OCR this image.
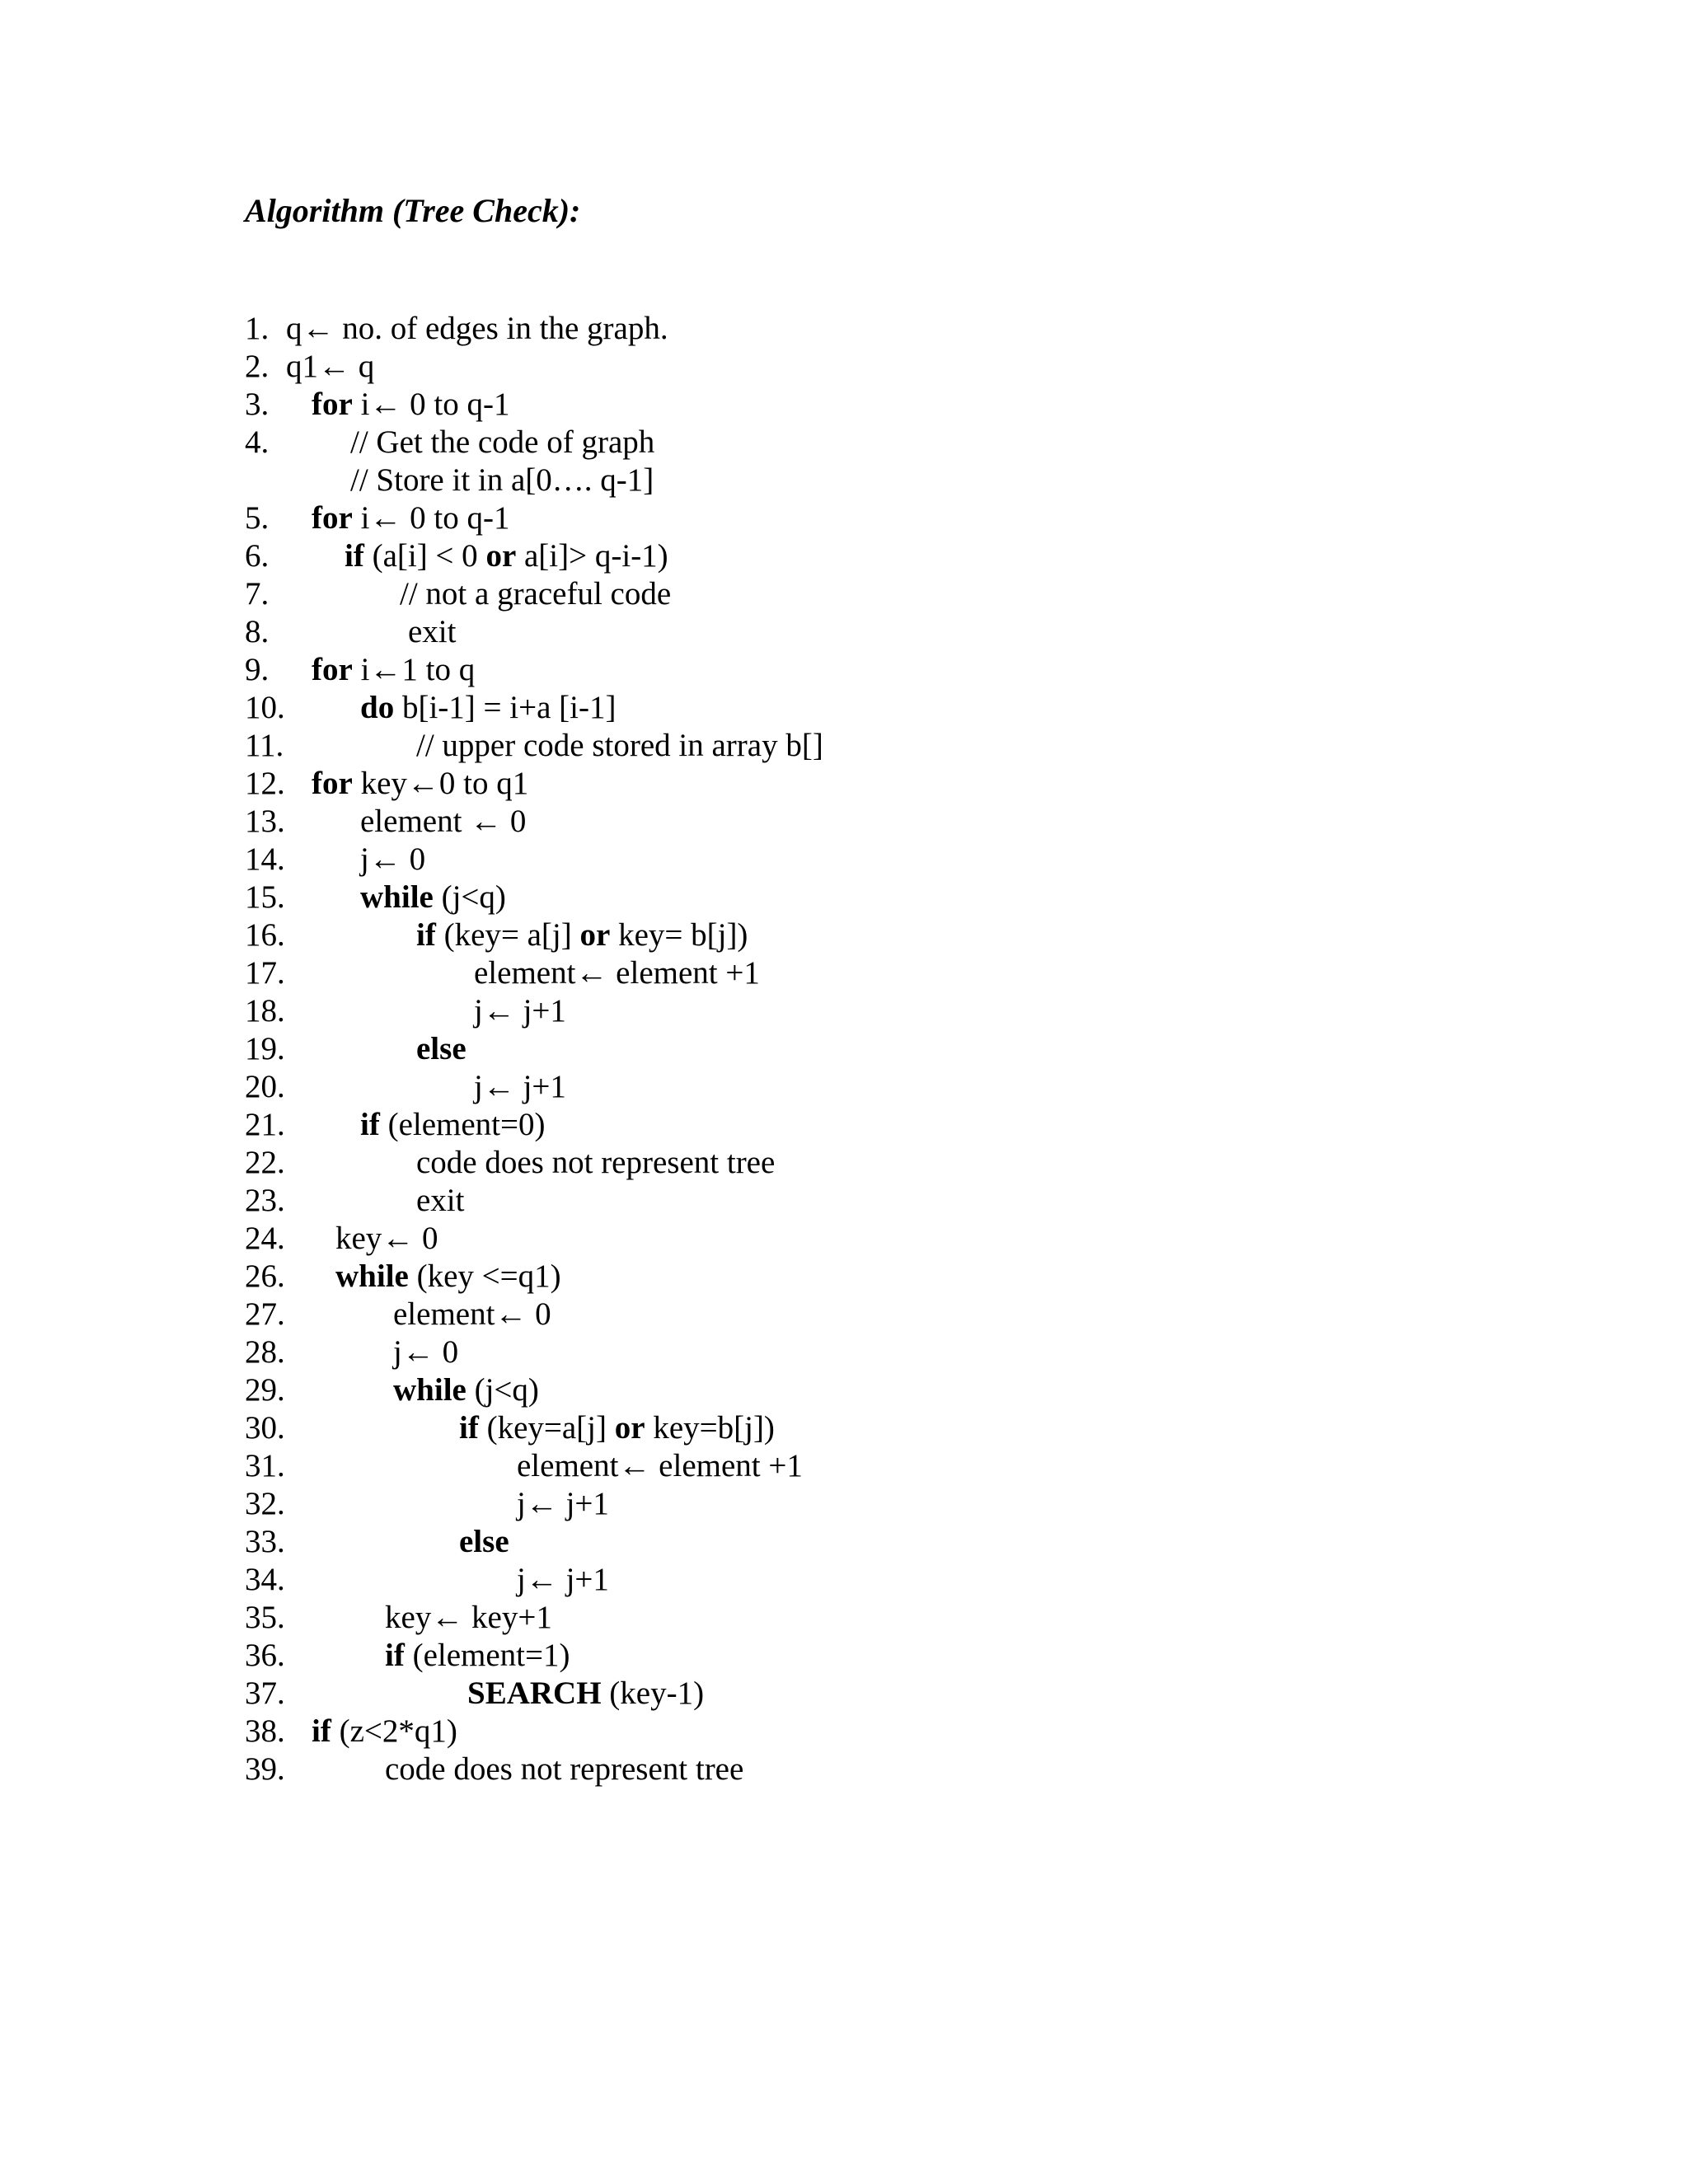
Algorithm (Tree Check):
1. q← no. of edges in the graph.
2. q1← q
3. for i← 0 to q-1
4.	// Get the code of graph
// Store it in a[0…. q-1]
5. for i← 0 to q-1
6. if (a[i] < 0 or a[i]> q-i-1)
7.	// not a graceful code
8.	exit
9. for i←1 to q
10. do b[i-1] = i+a [i-1]
11.	// upper code stored in array b[]
12. for key←0 to q1
13. element ← 0
14. j← 0
15. while (j<q)
16.	if (key= a[j] or key= b[j])
17.	element← element +1
18.	j← j+1
19.	else
20.	j← j+1
21. if (element=0)
22.	code does not represent tree
23.	exit
24. key← 0
26. while (key <=q1)
27.	element← 0
28.	j← 0
29.	while (j<q)
30.	if (key=a[j] or key=b[j])
31.	element← element +1
32.	j← j+1
33.	else
34.	j← j+1
35.	key← key+1
36.	if (element=1)
37.	SEARCH (key-1)
38. if (z<2*q1)
39.	code does not represent tree
